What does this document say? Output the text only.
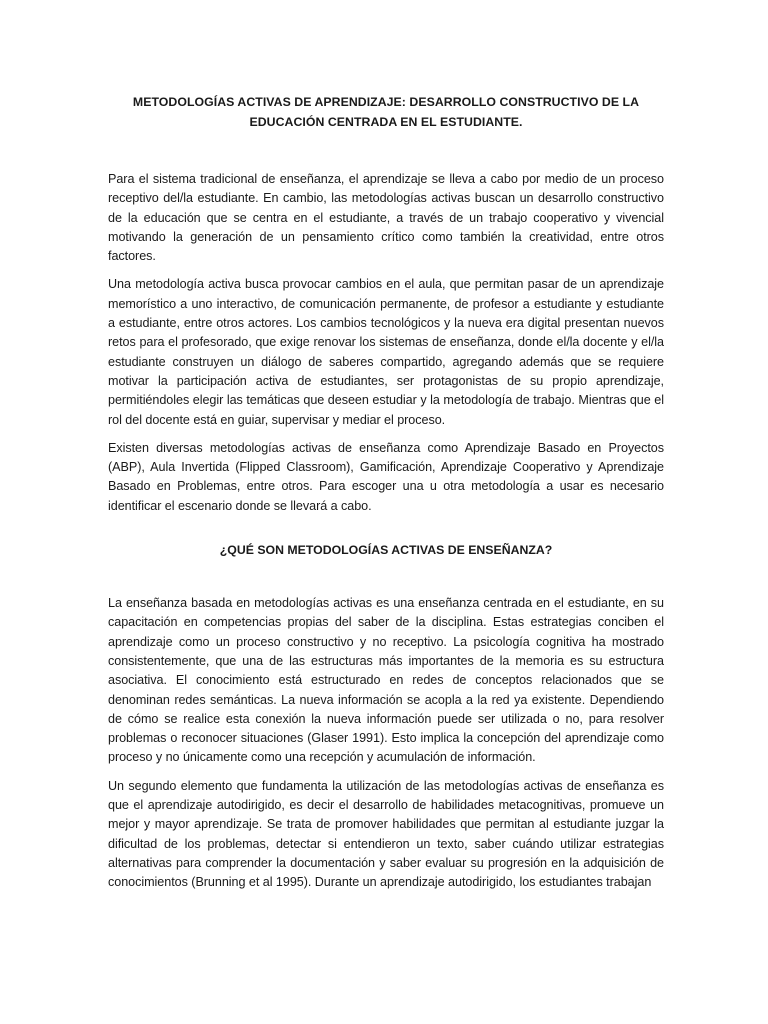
METODOLOGÍAS ACTIVAS DE APRENDIZAJE: DESARROLLO CONSTRUCTIVO DE LA EDUCACIÓN CENTRADA EN EL ESTUDIANTE.

Para el sistema tradicional de enseñanza, el aprendizaje se lleva a cabo por medio de un proceso receptivo del/la estudiante. En cambio, las metodologías activas buscan un desarrollo constructivo de la educación que se centra en el estudiante, a través de un trabajo cooperativo y vivencial motivando la generación de un pensamiento crítico como también la creatividad, entre otros factores.

Una metodología activa busca provocar cambios en el aula, que permitan pasar de un aprendizaje memorístico a uno interactivo, de comunicación permanente, de profesor a estudiante y estudiante a estudiante, entre otros actores. Los cambios tecnológicos y la nueva era digital presentan nuevos retos para el profesorado, que exige renovar los sistemas de enseñanza, donde el/la docente y el/la estudiante construyen un diálogo de saberes compartido, agregando además que se requiere motivar la participación activa de estudiantes, ser protagonistas de su propio aprendizaje, permitiéndoles elegir las temáticas que deseen estudiar y la metodología de trabajo. Mientras que el rol del docente está en guiar, supervisar y mediar el proceso.

Existen diversas metodologías activas de enseñanza como Aprendizaje Basado en Proyectos (ABP), Aula Invertida (Flipped Classroom), Gamificación, Aprendizaje Cooperativo y Aprendizaje Basado en Problemas, entre otros. Para escoger una u otra metodología a usar es necesario identificar el escenario donde se llevará a cabo.

¿QUÉ SON METODOLOGÍAS ACTIVAS DE ENSEÑANZA?

La enseñanza basada en metodologías activas es una enseñanza centrada en el estudiante, en su capacitación en competencias propias del saber de la disciplina. Estas estrategias conciben el aprendizaje como un proceso constructivo y no receptivo. La psicología cognitiva ha mostrado consistentemente, que una de las estructuras más importantes de la memoria es su estructura asociativa. El conocimiento está estructurado en redes de conceptos relacionados que se denominan redes semánticas. La nueva información se acopla a la red ya existente. Dependiendo de cómo se realice esta conexión la nueva información puede ser utilizada o no, para resolver problemas o reconocer situaciones (Glaser 1991). Esto implica la concepción del aprendizaje como proceso y no únicamente como una recepción y acumulación de información.

Un segundo elemento que fundamenta la utilización de las metodologías activas de enseñanza es que el aprendizaje autodirigido, es decir el desarrollo de habilidades metacognitivas, promueve un mejor y mayor aprendizaje. Se trata de promover habilidades que permitan al estudiante juzgar la dificultad de los problemas, detectar si entendieron un texto, saber cuándo utilizar estrategias alternativas para comprender la documentación y saber evaluar su progresión en la adquisición de conocimientos (Brunning et al 1995). Durante un aprendizaje autodirigido, los estudiantes trabajan
